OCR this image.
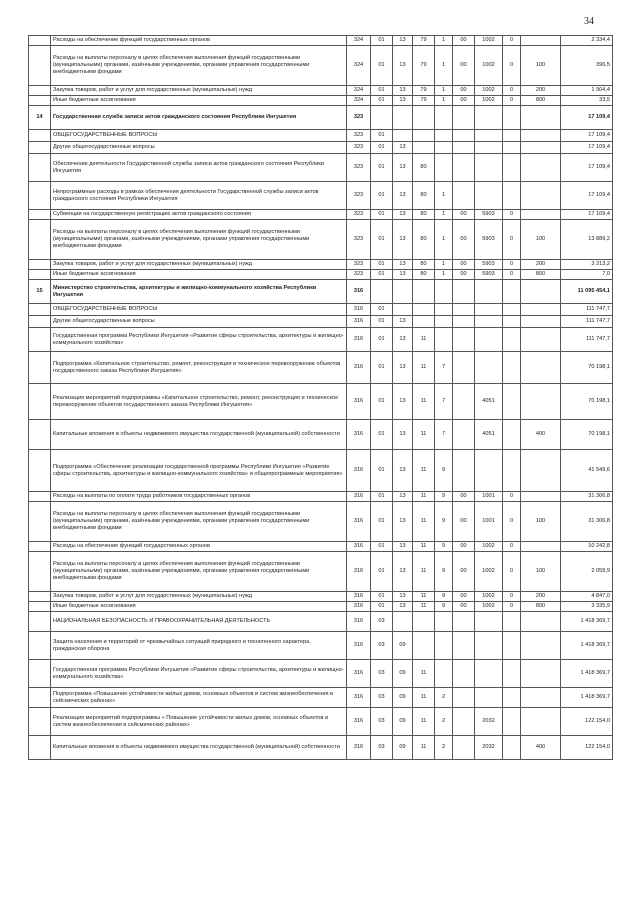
34
	Расходы на обеспечение функций государственных органов	324	01	13	79	1	00	1002	0		2 334,4
	Расходы на выплаты персоналу в целях обеспечения выполнения функций государственными (муниципальными) органами, казёнными учреждениями, органами управления государственными внебюджетными фондами	324	01	13	79	1	00	1002	0	100	396,5
	Закупка товаров, работ и услуг для государственных (муниципальных) нужд	324	01	13	79	1	00	1002	0	200	1 904,4
	Иные бюджетные ассигнования	324	01	13	79	1	00	1002	0	800	33,5
14	Государственная служба записи актов гражданского состояния Республики Ингушетия	323									17 109,4
	ОБЩЕГОСУДАРСТВЕННЫЕ ВОПРОСЫ	323	01								17 109,4
	Другие общегосударственные вопросы	323	01	13							17 109,4
	Обеспечение деятельности Государственной службы записи актов гражданского состояния Республики Ингушетия	323	01	13	80						17 109,4
	Непрограммные расходы в рамках обеспечения деятельности Государственной службы записи актов гражданского состояния Республики Ингушетия	323	01	13	80	1					17 109,4
	Субвенции на государственную регистрацию актов гражданского состояния	323	01	13	80	1	00	5903	0		17 109,4
	Расходы на выплаты персоналу в целях обеспечения выполнения функций государственными (муниципальными) органами, казёнными учреждениями, органами управления государственными внебюджетными фондами	323	01	13	80	1	00	5903	0	100	13 889,2
	Закупка товаров, работ и услуг для государственных (муниципальных) нужд	323	01	13	80	1	00	5903	0	200	3 213,2
	Иные бюджетные ассигнования	323	01	13	80	1	00	5903	0	800	7,0
15	Министерство строительства, архитектуры и жилищно-коммунального хозяйства Республики Ингушетия	316									11 095 454,1
	ОБЩЕГОСУДАРСТВЕННЫЕ ВОПРОСЫ	316	01								111 747,7
	Другие общегосударственные вопросы	316	01	13							111 747,7
	Государственная программа Республики Ингушетия «Развитие сферы строительства, архитектуры и жилищно-коммунального хозяйства»	316	01	13	11						111 747,7
	Подпрограмма «Капитальное строительство, ремонт, реконструкция и техническое перевооружение объектов государственного заказа Республики Ингушетия»	316	01	13	11	7					70 198,1
	Реализация мероприятий подпрограммы «Капитальное строительство, ремонт, реконструкция и техническое перевооружение объектов государственного заказа Республики Ингушетия»	316	01	13	11	7		4051			70 198,1
	Капитальные вложения в объекты недвижимого имущества государственной (муниципальной) собственности	316	01	13	11	7		4051		400	70 198,1
	Подпрограмма «Обеспечение реализации государственной программы Республики Ингушетия «Развитие сферы строительства, архитектуры и жилищно-коммунального хозяйства» и общепрограммные мероприятия»	316	01	13	11	9					41 549,6
	Расходы на выплаты по оплате труда работников государственных органов	316	01	13	11	9	00	1001	0		31 306,8
	Расходы на выплаты персоналу в целях обеспечения выполнения функций государственными (муниципальными) органами, казёнными учреждениями, органами управления государственными внебюджетными фондами	316	01	13	11	9	00	1001	0	100	31 306,8
	Расходы на обеспечение функций государственных органов	316	01	13	11	9	00	1002	0		10 242,8
	Расходы на выплаты персоналу в целях обеспечения выполнения функций государственными (муниципальными) органами, казёнными учреждениями, органами управления государственными внебюджетными фондами	316	01	13	11	9	00	1002	0	100	2 059,9
	Закупка товаров, работ и услуг для государственных (муниципальных) нужд	316	01	13	11	9	00	1002	0	200	4 847,0
	Иные бюджетные ассигнования	316	01	13	11	9	00	1002	0	800	3 335,9
	НАЦИОНАЛЬНАЯ БЕЗОПАСНОСТЬ И ПРАВООХРАНИТЕЛЬНАЯ ДЕЯТЕЛЬНОСТЬ	316	03								1 418 369,7
	Защита населения и территорий от чрезвычайных ситуаций природного и техногенного характера, гражданская оборона	316	03	09							1 418 369,7
	Государственная программа Республики Ингушетия «Развитие сферы строительства, архитектуры и жилищно-коммунального хозяйства»	316	03	09	11						1 418 369,7
	Подпрограмма «Повышение устойчивости жилых домов, основных объектов и систем жизнеобеспечения в сейсмических районах»	316	03	09	11	2					1 418 369,7
	Реализация мероприятий подпрограммы « Повышение устойчивости жилых домов, основных объектов и систем жизнеобеспечения в сейсмических районах»	316	03	09	11	2		2032			122 154,0
	Капитальные вложения в объекты недвижимого имущества государственной (муниципальной) собственности	316	03	09	11	2		2032		400	122 154,0
